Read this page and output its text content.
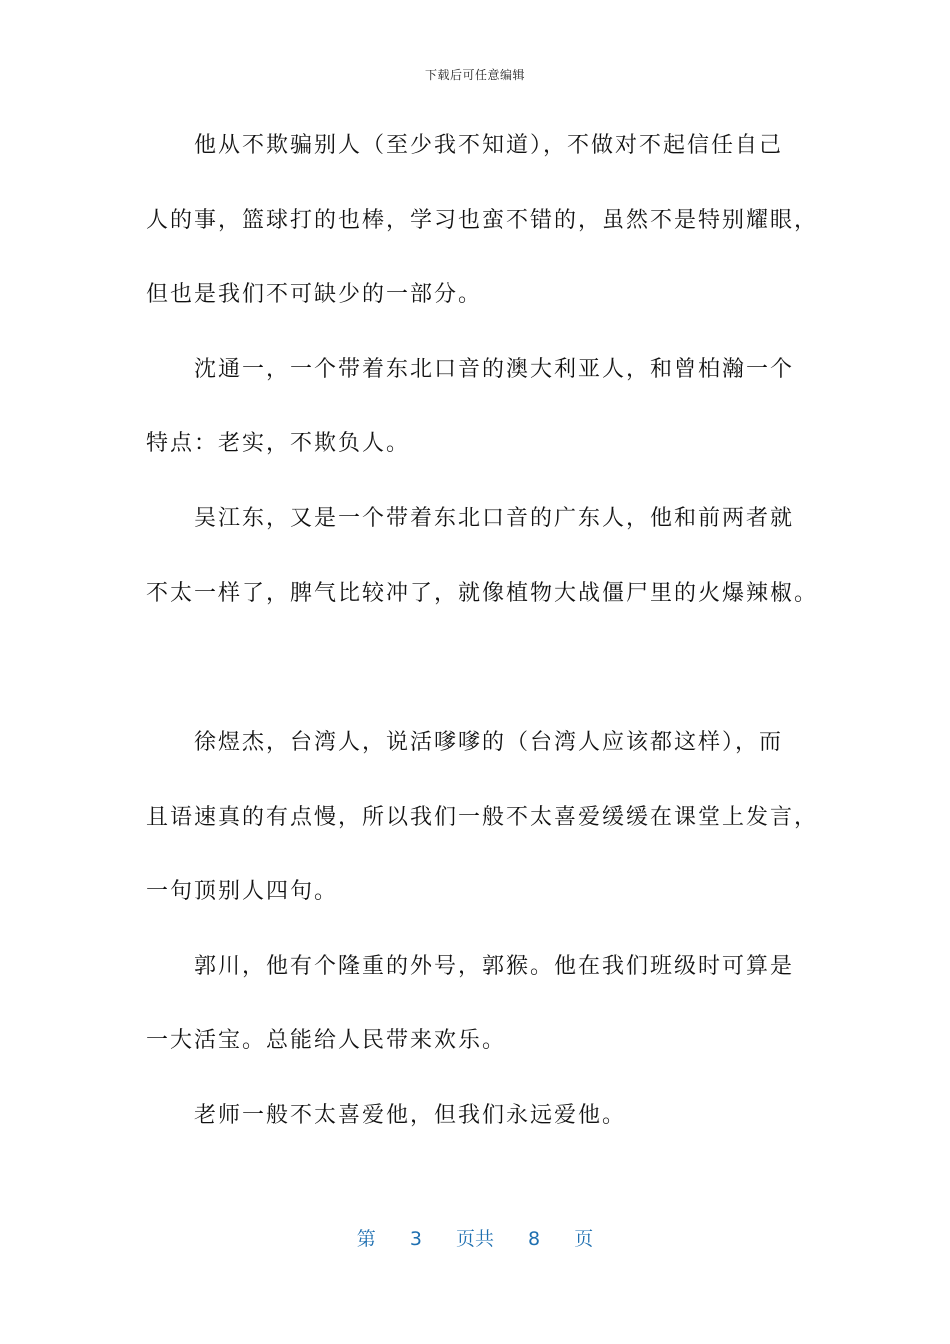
下载后可任意编辑
他从不欺骗别人（至少我不知道），不做对不起信任自己
人的事，篮球打的也棒，学习也蛮不错的，虽然不是特别耀眼，
但也是我们不可缺少的一部分。
沈通一，一个带着东北口音的澳大利亚人，和曾柏瀚一个
特点：老实，不欺负人。
吴江东，又是一个带着东北口音的广东人，他和前两者就
不太一样了，脾气比较冲了，就像植物大战僵尸里的火爆辣椒。
徐煜杰，台湾人，说活嗲嗲的（台湾人应该都这样），而
且语速真的有点慢，所以我们一般不太喜爱缓缓在课堂上发言，
一句顶别人四句。
郭川，他有个隆重的外号，郭猴。他在我们班级时可算是
一大活宝。总能给人民带来欢乐。
老师一般不太喜爱他，但我们永远爱他。
第 3 页共 8 页
